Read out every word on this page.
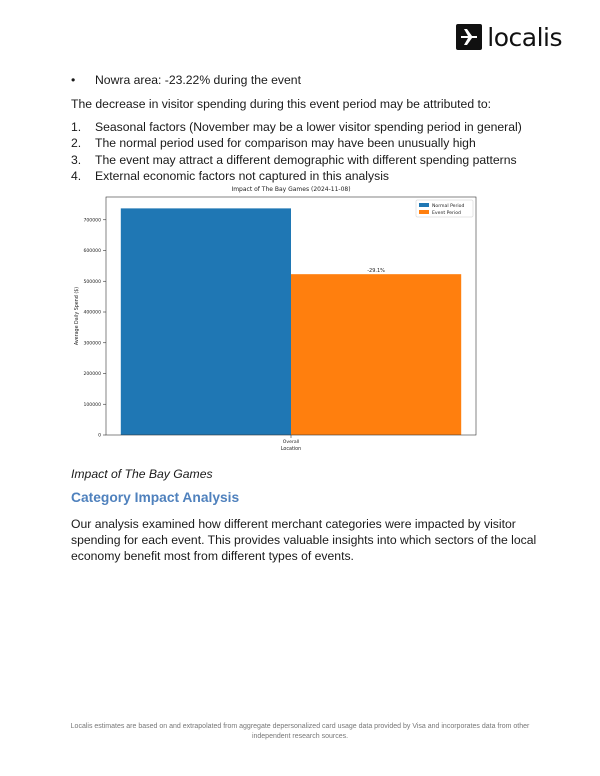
localis
• Nowra area: -23.22% during the event
The decrease in visitor spending during this event period may be attributed to:
1.	Seasonal factors (November may be a lower visitor spending period in general)
2.	The normal period used for comparison may have been unusually high
3.	The event may attract a different demographic with different spending patterns
4.	External economic factors not captured in this analysis
Impact of The Bay Games (2024-11-08)
-29.1%
0
100000
200000
300000
400000
500000
600000
700000
Overall
Location
Average Daily Spend ($)
Normal Period
Event Period
Impact of The Bay Games
Category Impact Analysis
Our analysis examined how different merchant categories were impacted by visitor spending for each event. This provides valuable insights into which sectors of the local economy benefit most from different types of events.
Localis estimates are based on and extrapolated from aggregate depersonalized card usage data provided by Visa and incorporates data from other independent research sources.
